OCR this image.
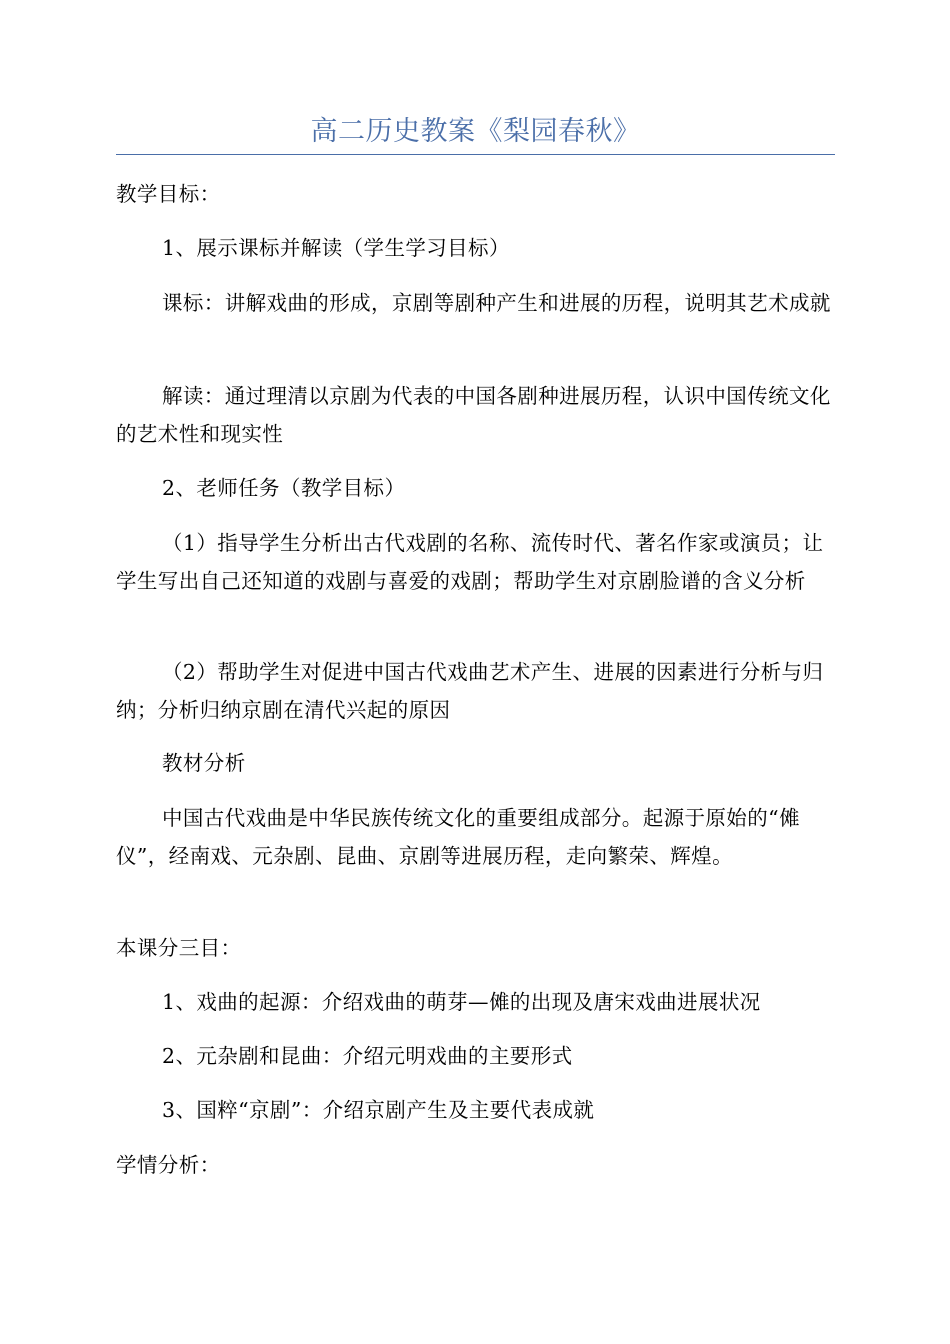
高二历史教案《梨园春秋》

教学目标：

1、展示课标并解读（学生学习目标）

课标：讲解戏曲的形成，京剧等剧种产生和进展的历程，说明其艺术成就

解读：通过理清以京剧为代表的中国各剧种进展历程，认识中国传统文化的艺术性和现实性

2、老师任务（教学目标）

（1）指导学生分析出古代戏剧的名称、流传时代、著名作家或演员；让学生写出自己还知道的戏剧与喜爱的戏剧；帮助学生对京剧脸谱的含义分析

（2）帮助学生对促进中国古代戏曲艺术产生、进展的因素进行分析与归纳；分析归纳京剧在清代兴起的原因

教材分析

中国古代戏曲是中华民族传统文化的重要组成部分。起源于原始的“傩仪”，经南戏、元杂剧、昆曲、京剧等进展历程，走向繁荣、辉煌。

本课分三目：

1、戏曲的起源：介绍戏曲的萌芽—傩的出现及唐宋戏曲进展状况

2、元杂剧和昆曲：介绍元明戏曲的主要形式

3、国粹“京剧”：介绍京剧产生及主要代表成就

学情分析：
